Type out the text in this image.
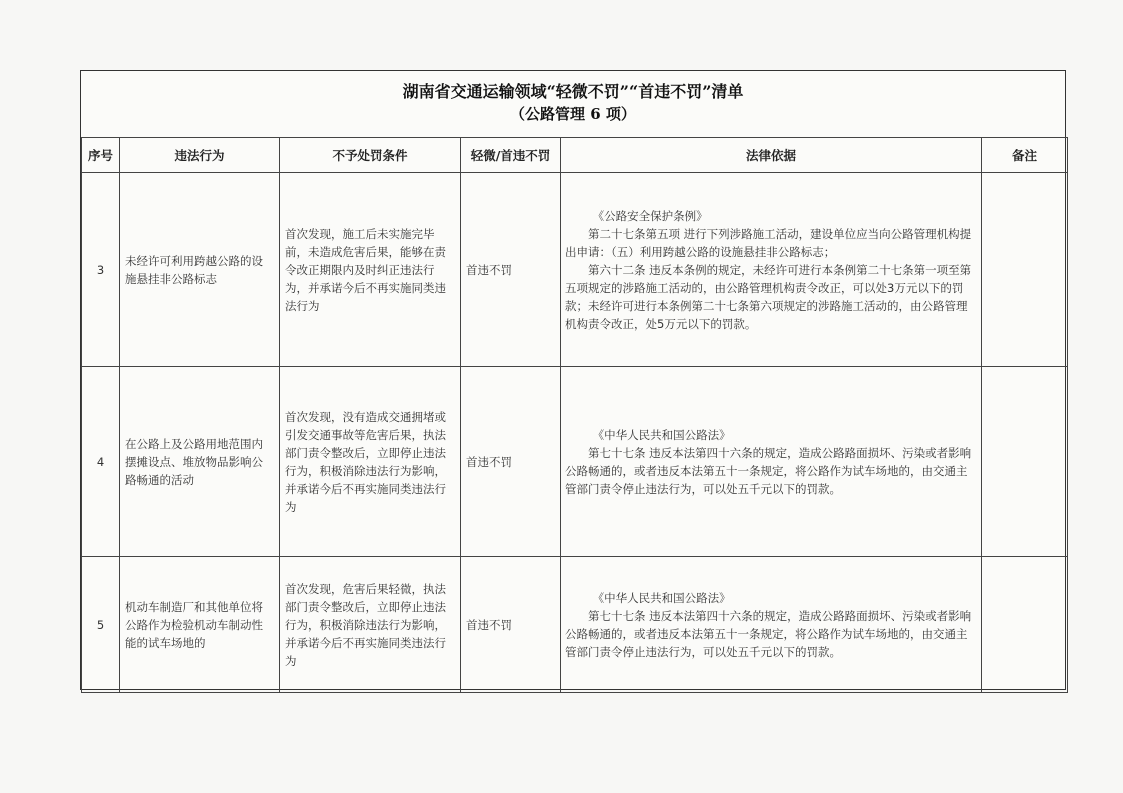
湖南省交通运输领域“轻微不罚”“首违不罚”清单
（公路管理 6 项）
序号	违法行为	不予处罚条件	轻微/首违不罚	法律依据	备注
3	未经许可利用跨越公路的设施悬挂非公路标志	首次发现，施工后未实施完毕前，未造成危害后果，能够在责令改正期限内及时纠正违法行为，并承诺今后不再实施同类违法行为	首违不罚	《公路安全保护条例》

第二十七条第五项 进行下列涉路施工活动，建设单位应当向公路管理机构提出申请：（五）利用跨越公路的设施悬挂非公路标志；

第六十二条 违反本条例的规定，未经许可进行本条例第二十七条第一项至第五项规定的涉路施工活动的，由公路管理机构责令改正，可以处3万元以下的罚款；未经许可进行本条例第二十七条第六项规定的涉路施工活动的，由公路管理机构责令改正，处5万元以下的罚款。	

4	在公路上及公路用地范围内摆摊设点、堆放物品影响公路畅通的活动	首次发现，没有造成交通拥堵或引发交通事故等危害后果，执法部门责令整改后，立即停止违法行为，积极消除违法行为影响，并承诺今后不再实施同类违法行为	首违不罚	《中华人民共和国公路法》

第七十七条 违反本法第四十六条的规定，造成公路路面损坏、污染或者影响公路畅通的，或者违反本法第五十一条规定，将公路作为试车场地的，由交通主管部门责令停止违法行为，可以处五千元以下的罚款。	

5	机动车制造厂和其他单位将公路作为检验机动车制动性能的试车场地的	首次发现，危害后果轻微，执法部门责令整改后，立即停止违法行为，积极消除违法行为影响，并承诺今后不再实施同类违法行为	首违不罚	《中华人民共和国公路法》

第七十七条 违反本法第四十六条的规定，造成公路路面损坏、污染或者影响公路畅通的，或者违反本法第五十一条规定，将公路作为试车场地的，由交通主管部门责令停止违法行为，可以处五千元以下的罚款。	
